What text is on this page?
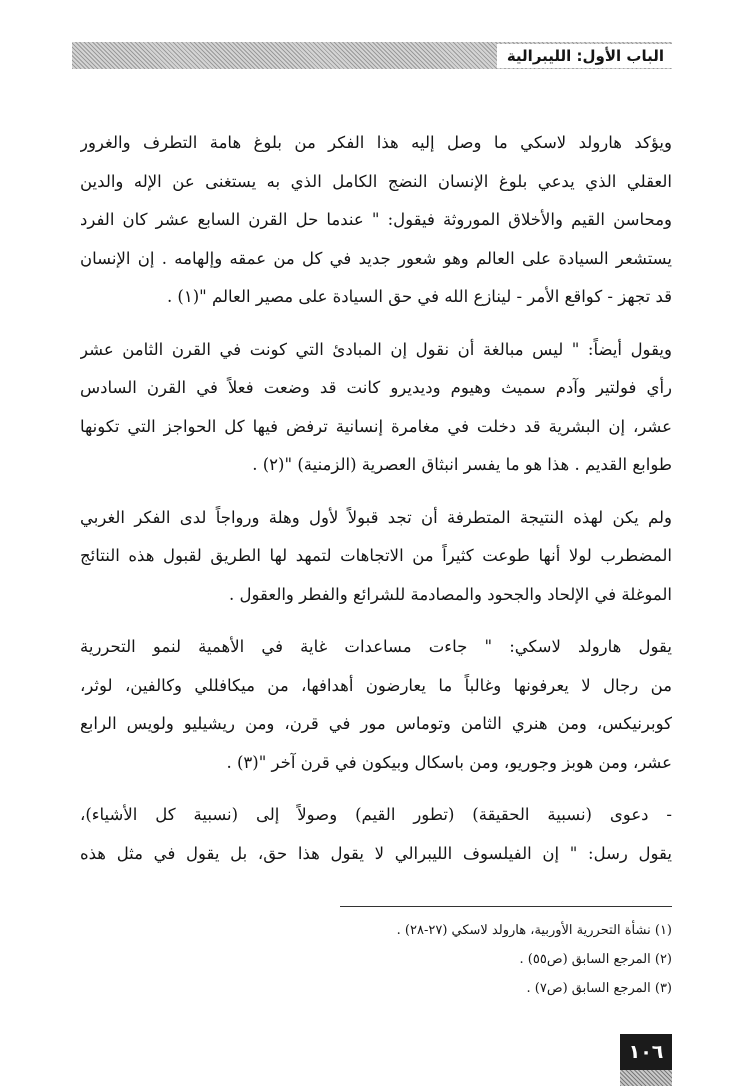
الباب الأول: الليبرالية
ويؤكد هارولد لاسكي ما وصل إليه هذا الفكر من بلوغ هامة التطرف والغرور
العقلي الذي يدعي بلوغ الإنسان النضج الكامل الذي به يستغنى عن الإله والدين
ومحاسن القيم والأخلاق الموروثة فيقول: " عندما حل القرن السابع عشر كان الفرد
يستشعر السيادة على العالم وهو شعور جديد في كل من عمقه وإلهامه . إن الإنسان
قد تجهز - كواقع الأمر - لينازع الله في حق السيادة على مصير العالم "(١) .
ويقول أيضاً: " ليس مبالغة أن نقول إن المبادئ التي كونت في القرن الثامن عشر
رأي فولتير وآدم سميث وهيوم وديديرو كانت قد وضعت فعلاً في القرن السادس
عشر، إن البشرية قد دخلت في مغامرة إنسانية ترفض فيها كل الحواجز التي تكونها
طوابع القديم . هذا هو ما يفسر انبثاق العصرية (الزمنية) "(٢) .
ولم يكن لهذه النتيجة المتطرفة أن تجد قبولاً لأول وهلة ورواجاً لدى الفكر الغربي
المضطرب لولا أنها طوعت كثيراً من الاتجاهات لتمهد لها الطريق لقبول هذه النتائج
الموغلة في الإلحاد والجحود والمصادمة للشرائع والفطر والعقول .
يقول هارولد لاسكي: " جاءت مساعدات غاية في الأهمية لنمو التحررية
من رجال لا يعرفونها وغالباً ما يعارضون أهدافها، من ميكافللي وكالفين، لوثر،
كوبرنيكس، ومن هنري الثامن وتوماس مور في قرن، ومن ريشيليو ولويس الرابع
عشر، ومن هوبز وجوريو، ومن باسكال وبيكون في قرن آخر "(٣) .
- دعوى (نسبية الحقيقة) (تطور القيم) وصولاً إلى (نسبية كل الأشياء)،
يقول رسل: " إن الفيلسوف الليبرالي لا يقول هذا حق، بل يقول في مثل هذه

(١) نشأة التحررية الأوربية، هارولد لاسكي (٢٧-٢٨) .

(٢) المرجع السابق (ص٥٥) .

(٣) المرجع السابق (ص٧) .

١٠٦
